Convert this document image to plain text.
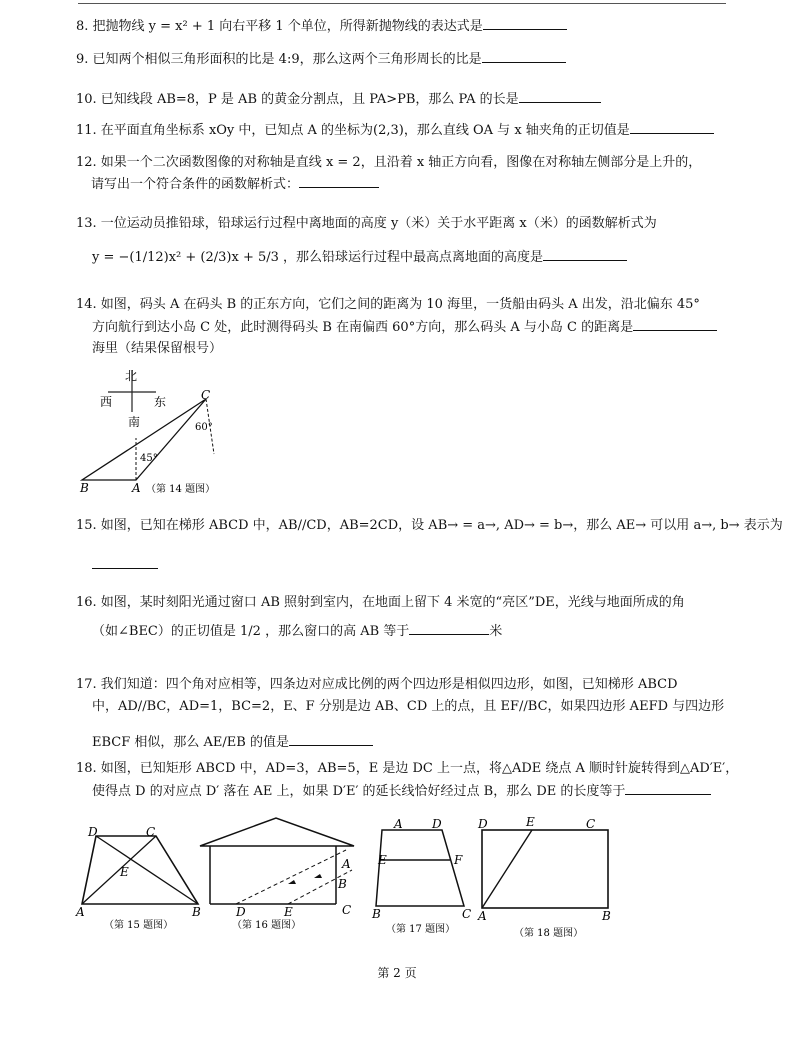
8. 把抛物线 y = x² + 1 向右平移 1 个单位，所得新抛物线的表达式是
9. 已知两个相似三角形面积的比是 4:9，那么这两个三角形周长的比是
10. 已知线段 AB=8，P 是 AB 的黄金分割点，且 PA>PB，那么 PA 的长是
11. 在平面直角坐标系 xOy 中，已知点 A 的坐标为(2,3)，那么直线 OA 与 x 轴夹角的正切值是
12. 如果一个二次函数图像的对称轴是直线 x = 2，且沿着 x 轴正方向看，图像在对称轴左侧部分是上升的，
请写出一个符合条件的函数解析式：
13. 一位运动员推铅球，铅球运行过程中离地面的高度 y（米）关于水平距离 x（米）的函数解析式为
y = −(1/12)x² + (2/3)x + 5/3 ，那么铅球运行过程中最高点离地面的高度是
14. 如图，码头 A 在码头 B 的正东方向，它们之间的距离为 10 海里，一货船由码头 A 出发，沿北偏东 45°
方向航行到达小岛 C 处，此时测得码头 B 在南偏西 60°方向，那么码头 A 与小岛 C 的距离是
海里（结果保留根号）
北
西	东
南
45°
60°
C
B	A （第 14 题图）
15. 如图，已知在梯形 ABCD 中，AB//CD，AB=2CD，设 AB→ = a→, AD→ = b→，那么 AE→ 可以用 a→, b→ 表示为
16. 如图，某时刻阳光通过窗口 AB 照射到室内，在地面上留下 4 米宽的“亮区”DE，光线与地面所成的角
（如∠BEC）的正切值是 1/2 ，那么窗口的高 AB 等于	米
17. 我们知道：四个角对应相等，四条边对应成比例的两个四边形是相似四边形，如图，已知梯形 ABCD
中，AD//BC，AD=1，BC=2，E、F 分别是边 AB、CD 上的点，且 EF//BC，如果四边形 AEFD 与四边形
EBCF 相似，那么 AE/EB 的值是
18. 如图，已知矩形 ABCD 中，AD=3，AB=5，E 是边 DC 上一点，将△ADE 绕点 A 顺时针旋转得到△AD′E′，
使得点 D 的对应点 D′ 落在 AE 上，如果 D′E′ 的延长线恰好经过点 B，那么 DE 的长度等于
D	C
E
A	B
（第 15 题图）
A
B
C
D	E
（第 16 题图）
A D
E	F
B	C
（第 17 题图）
D	E	C
A	B
（第 18 题图）
第 2 页
